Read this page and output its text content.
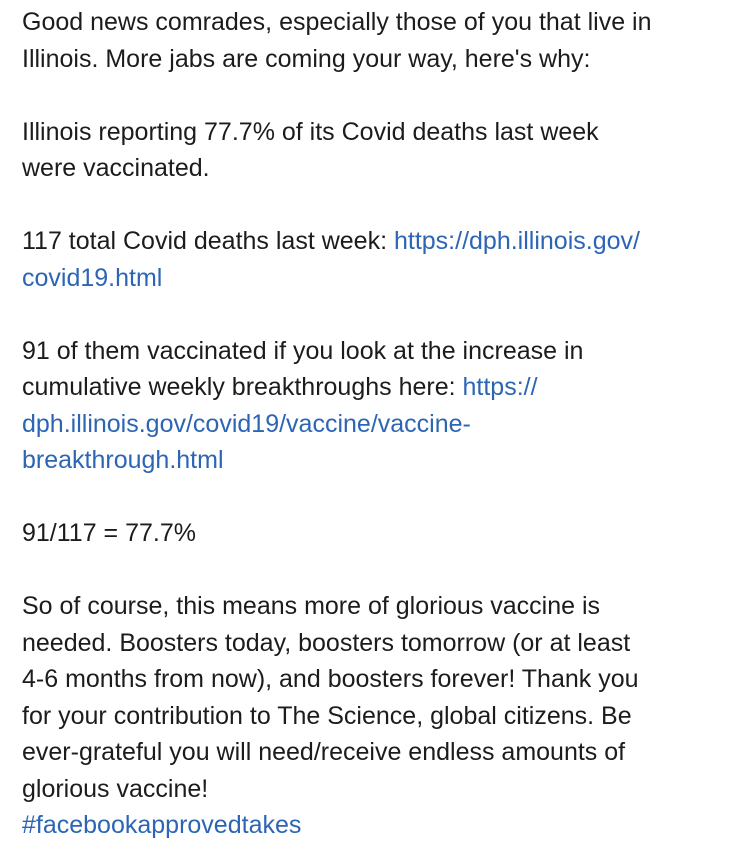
Good news comrades, especially those of you that live in
Illinois. More jabs are coming your way, here's why:
Illinois reporting 77.7% of its Covid deaths last week
were vaccinated.
117 total Covid deaths last week: https://dph.illinois.gov/
covid19.html
91 of them vaccinated if you look at the increase in
cumulative weekly breakthroughs here: https://
dph.illinois.gov/covid19/vaccine/vaccine-
breakthrough.html
91/117 = 77.7%
So of course, this means more of glorious vaccine is
needed. Boosters today, boosters tomorrow (or at least
4-6 months from now), and boosters forever! Thank you
for your contribution to The Science, global citizens. Be
ever-grateful you will need/receive endless amounts of
glorious vaccine!
#facebookapprovedtakes
